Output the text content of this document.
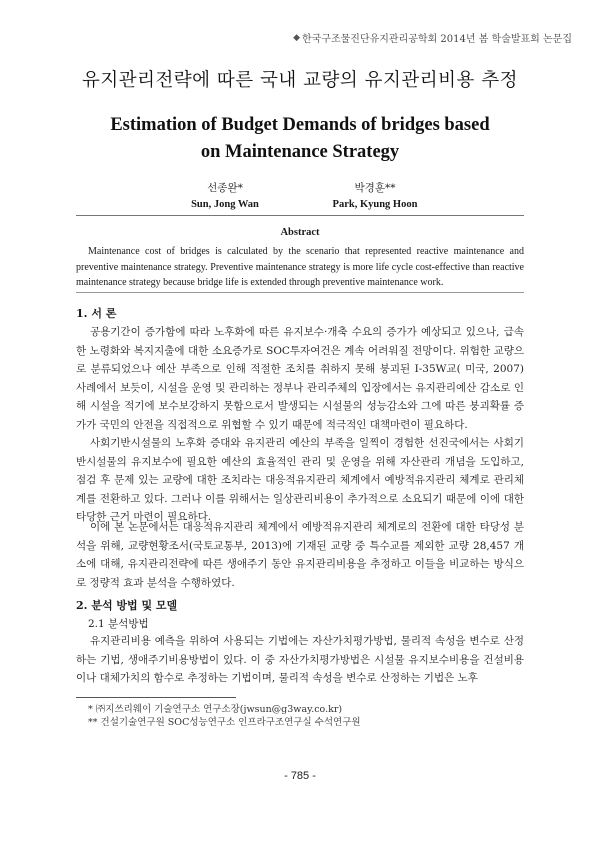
◆ 한국구조물진단유지관리공학회 2014년 봄 학술발표회 논문집
유지관리전략에 따른 국내 교량의 유지관리비용 추정
Estimation of Budget Demands of bridges based on Maintenance Strategy
선종완*	박경훈**
Sun, Jong Wan	Park, Kyung Hoon
Abstract
Maintenance cost of bridges is calculated by the scenario that represented reactive maintenance and preventive maintenance strategy. Preventive maintenance strategy is more life cycle cost-effective than reactive maintenance strategy because bridge life is extended through preventive maintenance work.
1. 서 론
공용기간이 증가함에 따라 노후화에 따른 유지보수·개축 수요의 증가가 예상되고 있으나, 급속한 노령화와 복지지출에 대한 소요증가로 SOC투자여건은 계속 어려워질 전망이다. 위험한 교량으로 분류되었으나 예산 부족으로 인해 적절한 조치를 취하지 못해 붕괴된 I-35W교( 미국, 2007) 사례에서 보듯이, 시설을 운영 및 관리하는 정부나 관리주체의 입장에서는 유지관리예산 감소로 인해 시설을 적기에 보수보강하지 못함으로서 발생되는 시설물의 성능감소와 그에 따른 붕괴확률 증가가 국민의 안전을 직접적으로 위협할 수 있기 때문에 적극적인 대책마련이 필요하다.
사회기반시설물의 노후화 증대와 유지관리 예산의 부족을 일찍이 경험한 선진국에서는 사회기반시설물의 유지보수에 필요한 예산의 효율적인 관리 및 운영을 위해 자산관리 개념을 도입하고, 점검 후 문제 있는 교량에 대한 조치라는 대응적유지관리 체계에서 예방적유지관리 체계로 관리체계를 전환하고 있다. 그러나 이를 위해서는 일상관리비용이 추가적으로 소요되기 때문에 이에 대한 타당한 근거 마련이 필요하다.
이에 본 논문에서는 대응적유지관리 체계에서 예방적유지관리 체계로의 전환에 대한 타당성 분석을 위해, 교량현황조서(국토교통부, 2013)에 기재된 교량 중 특수교를 제외한 교량 28,457 개소에 대해, 유지관리전략에 따른 생애주기 동안 유지관리비용을 추정하고 이들을 비교하는 방식으로 정량적 효과 분석을 수행하였다.
2. 분석 방법 및 모델
2.1 분석방법
유지관리비용 예측을 위하여 사용되는 기법에는 자산가치평가방법, 물리적 속성을 변수로 산정하는 기법, 생애주기비용방법이 있다. 이 중 자산가치평가방법은 시설물 유지보수비용을 건설비용이나 대체가치의 함수로 추정하는 기법이며, 물리적 속성을 변수로 산정하는 기법은 노후
* ㈜지쓰리웨이 기술연구소 연구소장(jwsun@g3way.co.kr)
** 건설기술연구원 SOC성능연구소 인프라구조연구실 수석연구원
- 785 -
